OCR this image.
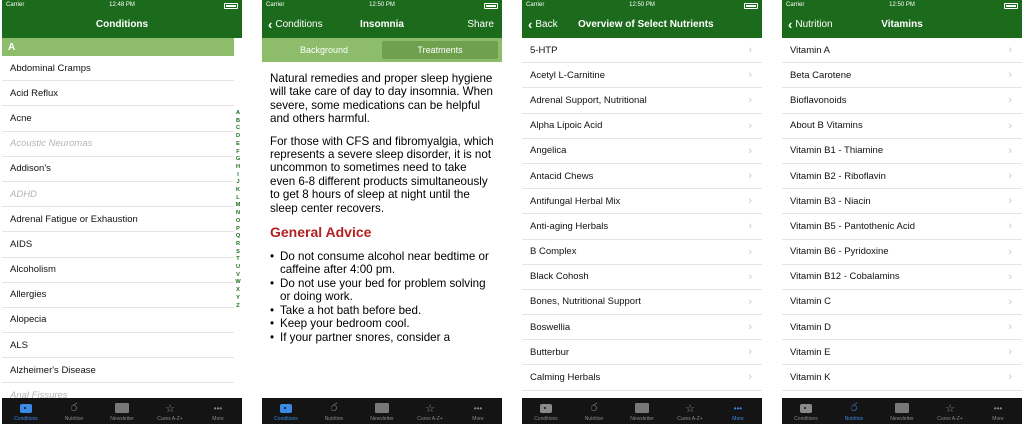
Carrier	12:48 PM
Conditions
A
Abdominal Cramps
Acid Reflux
Acne
Acoustic Neuromas
Addison's
ADHD
Adrenal Fatigue or Exhaustion
AIDS
Alcoholism
Allergies
Alopecia
ALS
Alzheimer's Disease
Anal Fissures
A
B
C
D
E
F
G
H
I
J
K
L
M
N
O
P
Q
R
S
T
U
V
W
X
Y
Z
Conditions
ර
Nutrition	Newsletter
☆
Cures A-Z+
•••
More
Carrier	12:50 PM
‹ Conditions	Insomnia	Share
Background	Treatments

Natural remedies and proper sleep hygiene will take care of day to day insomnia. When severe, some medications can be helpful and others harmful.

For those with CFS and fibromyalgia, which represents a severe sleep disorder, it is not uncommon to sometimes need to take even 6-8 different products simultaneously to get 8 hours of sleep at night until the sleep center recovers.

General Advice
• Do not consume alcohol near bedtime or caffeine after 4:00 pm.
• Do not use your bed for problem solving or doing work.
• Take a hot bath before bed.
• Keep your bedroom cool.
• If your partner snores, consider a
Conditions
ර
Nutrition	Newsletter
☆
Cures A-Z+
•••
More
Carrier	12:50 PM
‹ Back	Overview of Select Nutrients
5-HTP	›
Acetyl L-Carnitine	›
Adrenal Support, Nutritional	›
Alpha Lipoic Acid	›
Angelica	›
Antacid Chews	›
Antifungal Herbal Mix	›
Anti-aging Herbals	›
B Complex	›
Black Cohosh	›
Bones, Nutritional Support	›
Boswellia	›
Butterbur	›
Calming Herbals	›
Conditions
ර
Nutrition	Newsletter
☆
Cures A-Z+
•••
More
Carrier	12:50 PM
‹ Nutrition	Vitamins
Vitamin A	›
Beta Carotene	›
Bioflavonoids	›
About B Vitamins	›
Vitamin B1 - Thiamine	›
Vitamin B2 - Riboflavin	›
Vitamin B3 - Niacin	›
Vitamin B5 - Pantothenic Acid	›
Vitamin B6 - Pyridoxine	›
Vitamin B12 - Cobalamins	›
Vitamin C	›
Vitamin D	›
Vitamin E	›
Vitamin K	›
Conditions
ර
Nutrition	Newsletter
☆
Cures A-Z+
•••
More
